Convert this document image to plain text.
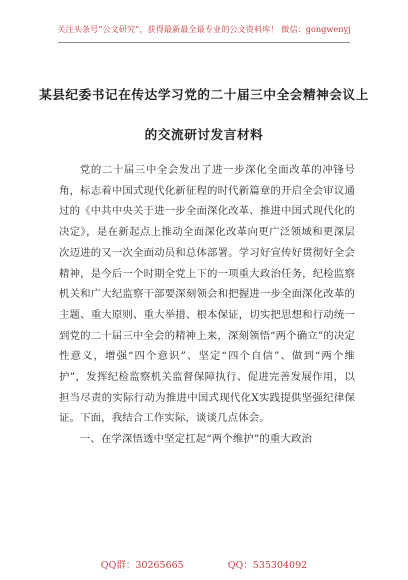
关注头条号“公文研究”，获得最新最全最专业的公文资料库！ 微信：gongwenyj
某县纪委书记在传达学习党的二十届三中全会精神会议上
的交流研讨发言材料

党的二十届三中全会发出了进一步深化全面改革的冲锋号角，标志着中国式现代化新征程的时代新篇章的开启全会审议通过的《中共中央关于进一步全面深化改革、推进中国式现代化的决定》，是在新起点上推动全面深化改革向更广泛领域和更深层次迈进的又一次全面动员和总体部署。学习好宣传好贯彻好全会精神，是今后一个时期全党上下的一项重大政治任务，纪检监察机关和广大纪监察干部要深刻领会和把握进一步全面深化改革的主题、重大原则、重大举措、根本保证，切实把思想和行动统一到党的二十届三中全会的精神上来，深刻领悟“两个确立”的决定性意义，增强“四个意识”、坚定“四个自信”、做到“两个维护”，发挥纪检监察机关监督保障执行、促进完善发展作用，以担当尽责的实际行动为推进中国式现代化X实践提供坚强纪律保证。下面，我结合工作实际，谈谈几点体会。

一、在学深悟透中坚定扛起“两个维护”的重大政治

QQ群：30265665	QQ：535304092
